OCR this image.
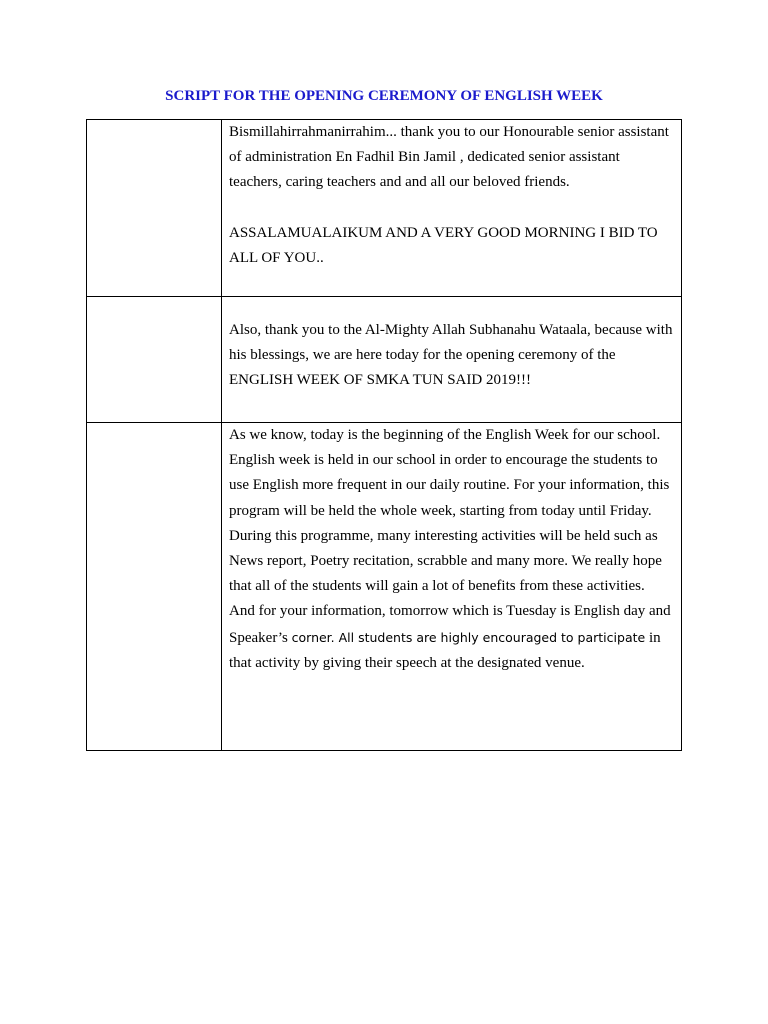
SCRIPT FOR THE OPENING CEREMONY OF ENGLISH WEEK

	Bismillahirrahmanirrahim... thank you to our Honourable senior assistant of administration En Fadhil Bin Jamil , dedicated senior assistant teachers, caring teachers and and all our beloved friends.

ASSALAMUALAIKUM AND A VERY GOOD MORNING I BID TO ALL OF YOU..

	Also, thank you to the Al-Mighty Allah Subhanahu Wataala, because with his blessings, we are here today for the opening ceremony of the ENGLISH WEEK OF SMKA TUN SAID 2019!!!

	As we know, today is the beginning of the English Week for our school. English week is held in our school in order to encourage the students to use English more frequent in our daily routine. For your information, this program will be held the whole week, starting from today until Friday. During this programme, many interesting activities will be held such as News report, Poetry recitation, scrabble and many more. We really hope that all of the students will gain a lot of benefits from these activities.

And for your information, tomorrow which is Tuesday is English day and Speaker’s corner. All students are highly encouraged to participate in that activity by giving their speech at the designated venue.
